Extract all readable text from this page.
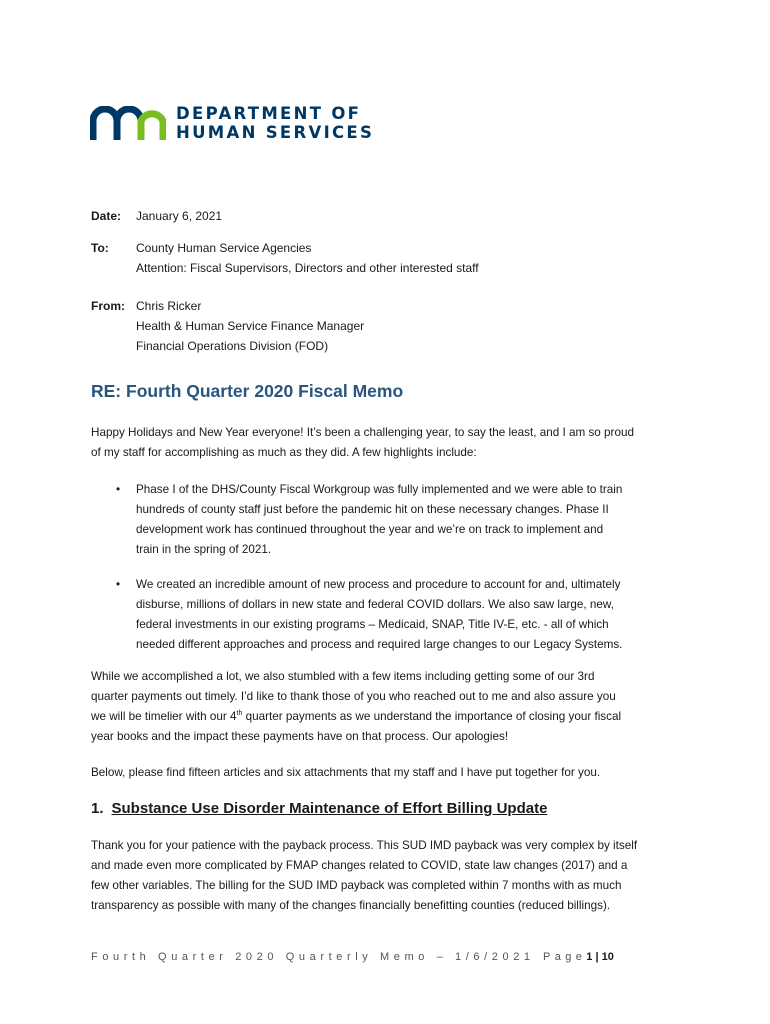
DEPARTMENT OF
HUMAN SERVICES
Date: January 6, 2021
To: County Human Service Agencies
Attention: Fiscal Supervisors, Directors and other interested staff
From: Chris Ricker
Health & Human Service Finance Manager
Financial Operations Division (FOD)
RE: Fourth Quarter 2020 Fiscal Memo
Happy Holidays and New Year everyone! It’s been a challenging year, to say the least, and I am so proud
of my staff for accomplishing as much as they did. A few highlights include:
• Phase I of the DHS/County Fiscal Workgroup was fully implemented and we were able to train
hundreds of county staff just before the pandemic hit on these necessary changes. Phase II
development work has continued throughout the year and we’re on track to implement and
train in the spring of 2021.
• We created an incredible amount of new process and procedure to account for and, ultimately
disburse, millions of dollars in new state and federal COVID dollars. We also saw large, new,
federal investments in our existing programs – Medicaid, SNAP, Title IV-E, etc. - all of which
needed different approaches and process and required large changes to our Legacy Systems.
While we accomplished a lot, we also stumbled with a few items including getting some of our 3rd
quarter payments out timely. I’d like to thank those of you who reached out to me and also assure you
we will be timelier with our 4th quarter payments as we understand the importance of closing your fiscal
year books and the impact these payments have on that process. Our apologies!
Below, please find fifteen articles and six attachments that my staff and I have put together for you.
1. Substance Use Disorder Maintenance of Effort Billing Update
Thank you for your patience with the payback process. This SUD IMD payback was very complex by itself
and made even more complicated by FMAP changes related to COVID, state law changes (2017) and a
few other variables. The billing for the SUD IMD payback was completed within 7 months with as much
transparency as possible with many of the changes financially benefitting counties (reduced billings).
Fourth Quarter 2020 Quarterly Memo – 1/6/2021 Page1 | 10
